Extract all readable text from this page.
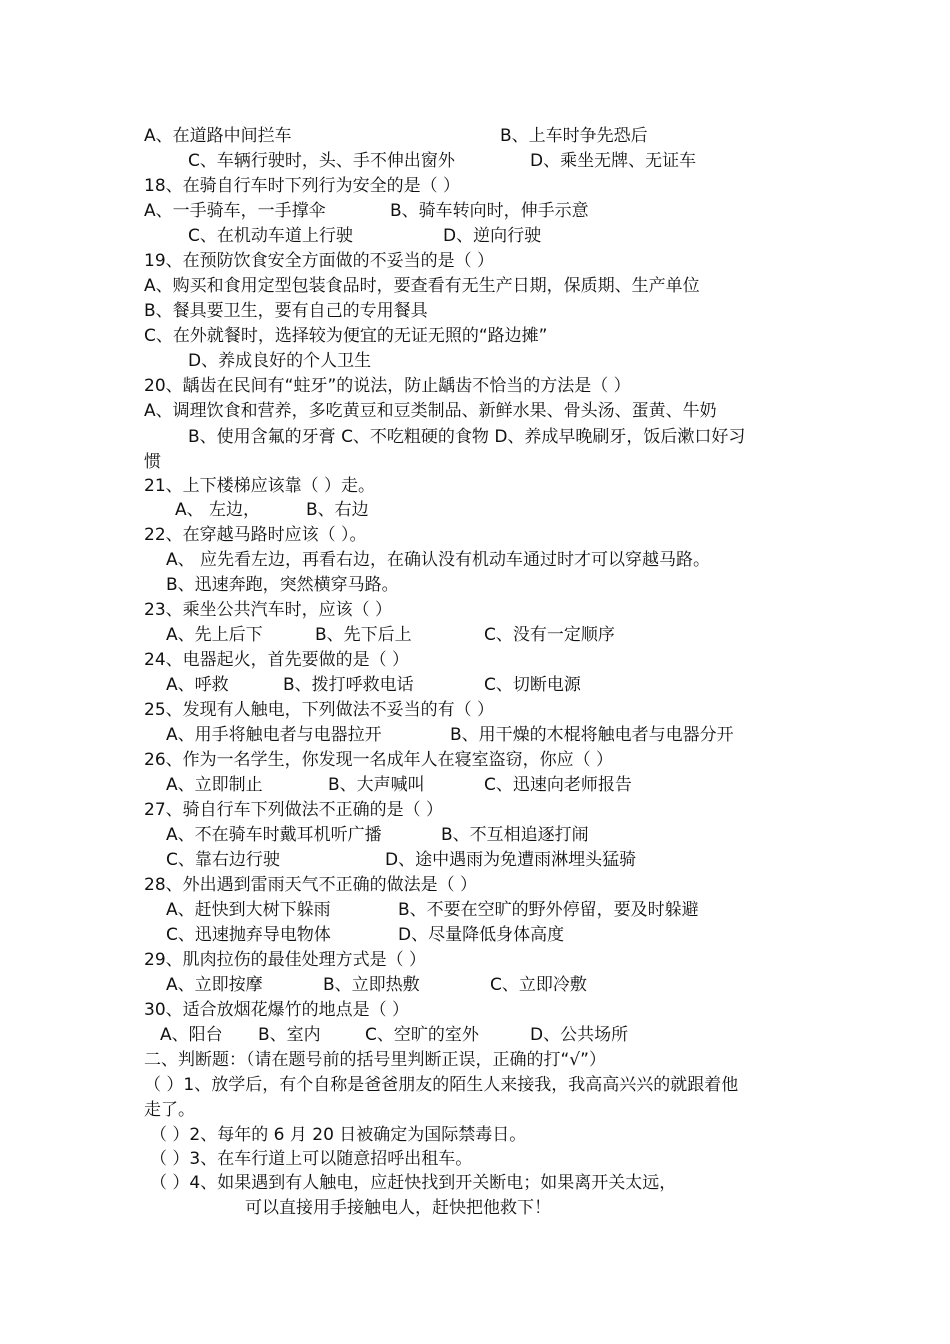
A、在道路中间拦车	B、上车时争先恐后
C、车辆行驶时，头、手不伸出窗外	D、乘坐无牌、无证车
18、在骑自行车时下列行为安全的是（ ）
A、一手骑车，一手撑伞	B、骑车转向时，伸手示意
C、在机动车道上行驶	D、逆向行驶
19、在预防饮食安全方面做的不妥当的是（ ）
A、购买和食用定型包装食品时，要查看有无生产日期，保质期、生产单位
B、餐具要卫生，要有自己的专用餐具
C、在外就餐时，选择较为便宜的无证无照的“路边摊”
D、养成良好的个人卫生
20、龋齿在民间有“蛀牙”的说法，防止龋齿不恰当的方法是（ ）
A、调理饮食和营养，多吃黄豆和豆类制品、新鲜水果、骨头汤、蛋黄、牛奶
B、使用含氟的牙膏 C、不吃粗硬的食物 D、养成早晚刷牙，饭后漱口好习
惯
21、上下楼梯应该靠（ ）走。
A、 左边，	B、右边
22、在穿越马路时应该（ ）。
A、 应先看左边，再看右边，在确认没有机动车通过时才可以穿越马路。
B、迅速奔跑，突然横穿马路。
23、乘坐公共汽车时，应该（ ）
A、先上后下	B、先下后上	C、没有一定顺序
24、电器起火，首先要做的是（ ）
A、呼救	B、拨打呼救电话	C、切断电源
25、发现有人触电，下列做法不妥当的有（ ）
A、用手将触电者与电器拉开	B、用干燥的木棍将触电者与电器分开
26、作为一名学生，你发现一名成年人在寝室盗窃，你应（ ）
A、立即制止	B、大声喊叫	C、迅速向老师报告
27、骑自行车下列做法不正确的是（ ）
A、不在骑车时戴耳机听广播	B、不互相追逐打闹
C、靠右边行驶	D、途中遇雨为免遭雨淋埋头猛骑
28、外出遇到雷雨天气不正确的做法是（ ）
A、赶快到大树下躲雨	B、不要在空旷的野外停留，要及时躲避
C、迅速抛弃导电物体	D、尽量降低身体高度
29、肌肉拉伤的最佳处理方式是（ ）
A、立即按摩	B、立即热敷	C、立即冷敷
30、适合放烟花爆竹的地点是（ ）
A、阳台 B、室内	C、空旷的室外	D、公共场所
二、判断题：（请在题号前的括号里判断正误，正确的打“√”）
（ ）1、放学后，有个自称是爸爸朋友的陌生人来接我，我高高兴兴的就跟着他
走了。
（ ）2、每年的 6 月 20 日被确定为国际禁毒日。
（ ）3、在车行道上可以随意招呼出租车。
（ ）4、如果遇到有人触电，应赶快找到开关断电；如果离开关太远，
可以直接用手接触电人，赶快把他救下！
